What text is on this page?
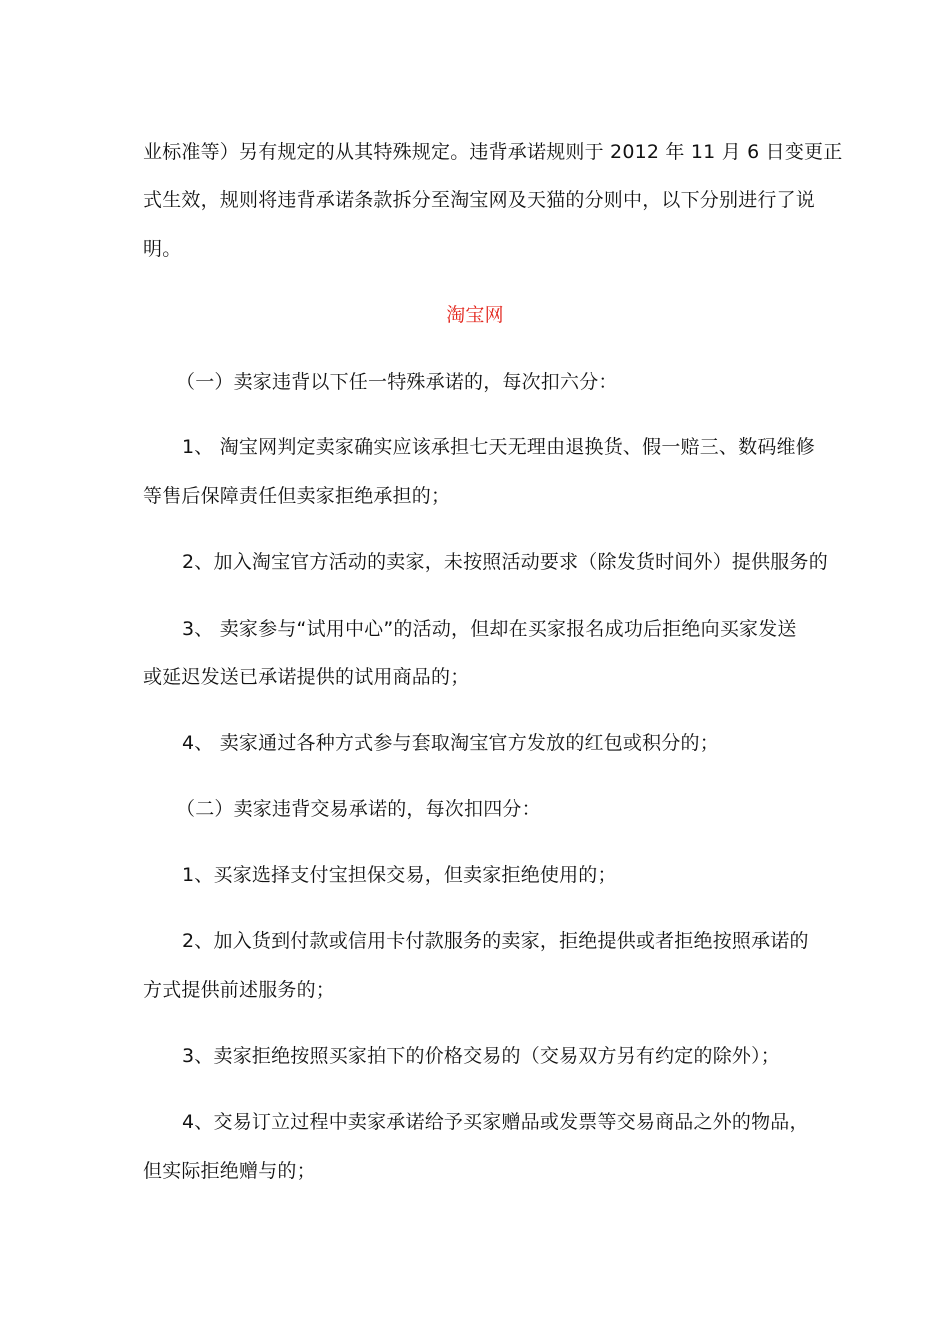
业标准等）另有规定的从其特殊规定。违背承诺规则于 2012 年 11 月 6 日变更正

式生效，规则将违背承诺条款拆分至淘宝网及天猫的分则中，以下分别进行了说

明。

淘宝网

（一）卖家违背以下任一特殊承诺的，每次扣六分：

1、 淘宝网判定卖家确实应该承担七天无理由退换货、假一赔三、数码维修

等售后保障责任但卖家拒绝承担的；

2、加入淘宝官方活动的卖家，未按照活动要求（除发货时间外）提供服务的

3、 卖家参与“试用中心”的活动，但却在买家报名成功后拒绝向买家发送

或延迟发送已承诺提供的试用商品的；

4、 卖家通过各种方式参与套取淘宝官方发放的红包或积分的；

（二）卖家违背交易承诺的，每次扣四分：

1、买家选择支付宝担保交易，但卖家拒绝使用的；

2、加入货到付款或信用卡付款服务的卖家，拒绝提供或者拒绝按照承诺的

方式提供前述服务的；

3、卖家拒绝按照买家拍下的价格交易的（交易双方另有约定的除外）；

4、交易订立过程中卖家承诺给予买家赠品或发票等交易商品之外的物品，

但实际拒绝赠与的；
